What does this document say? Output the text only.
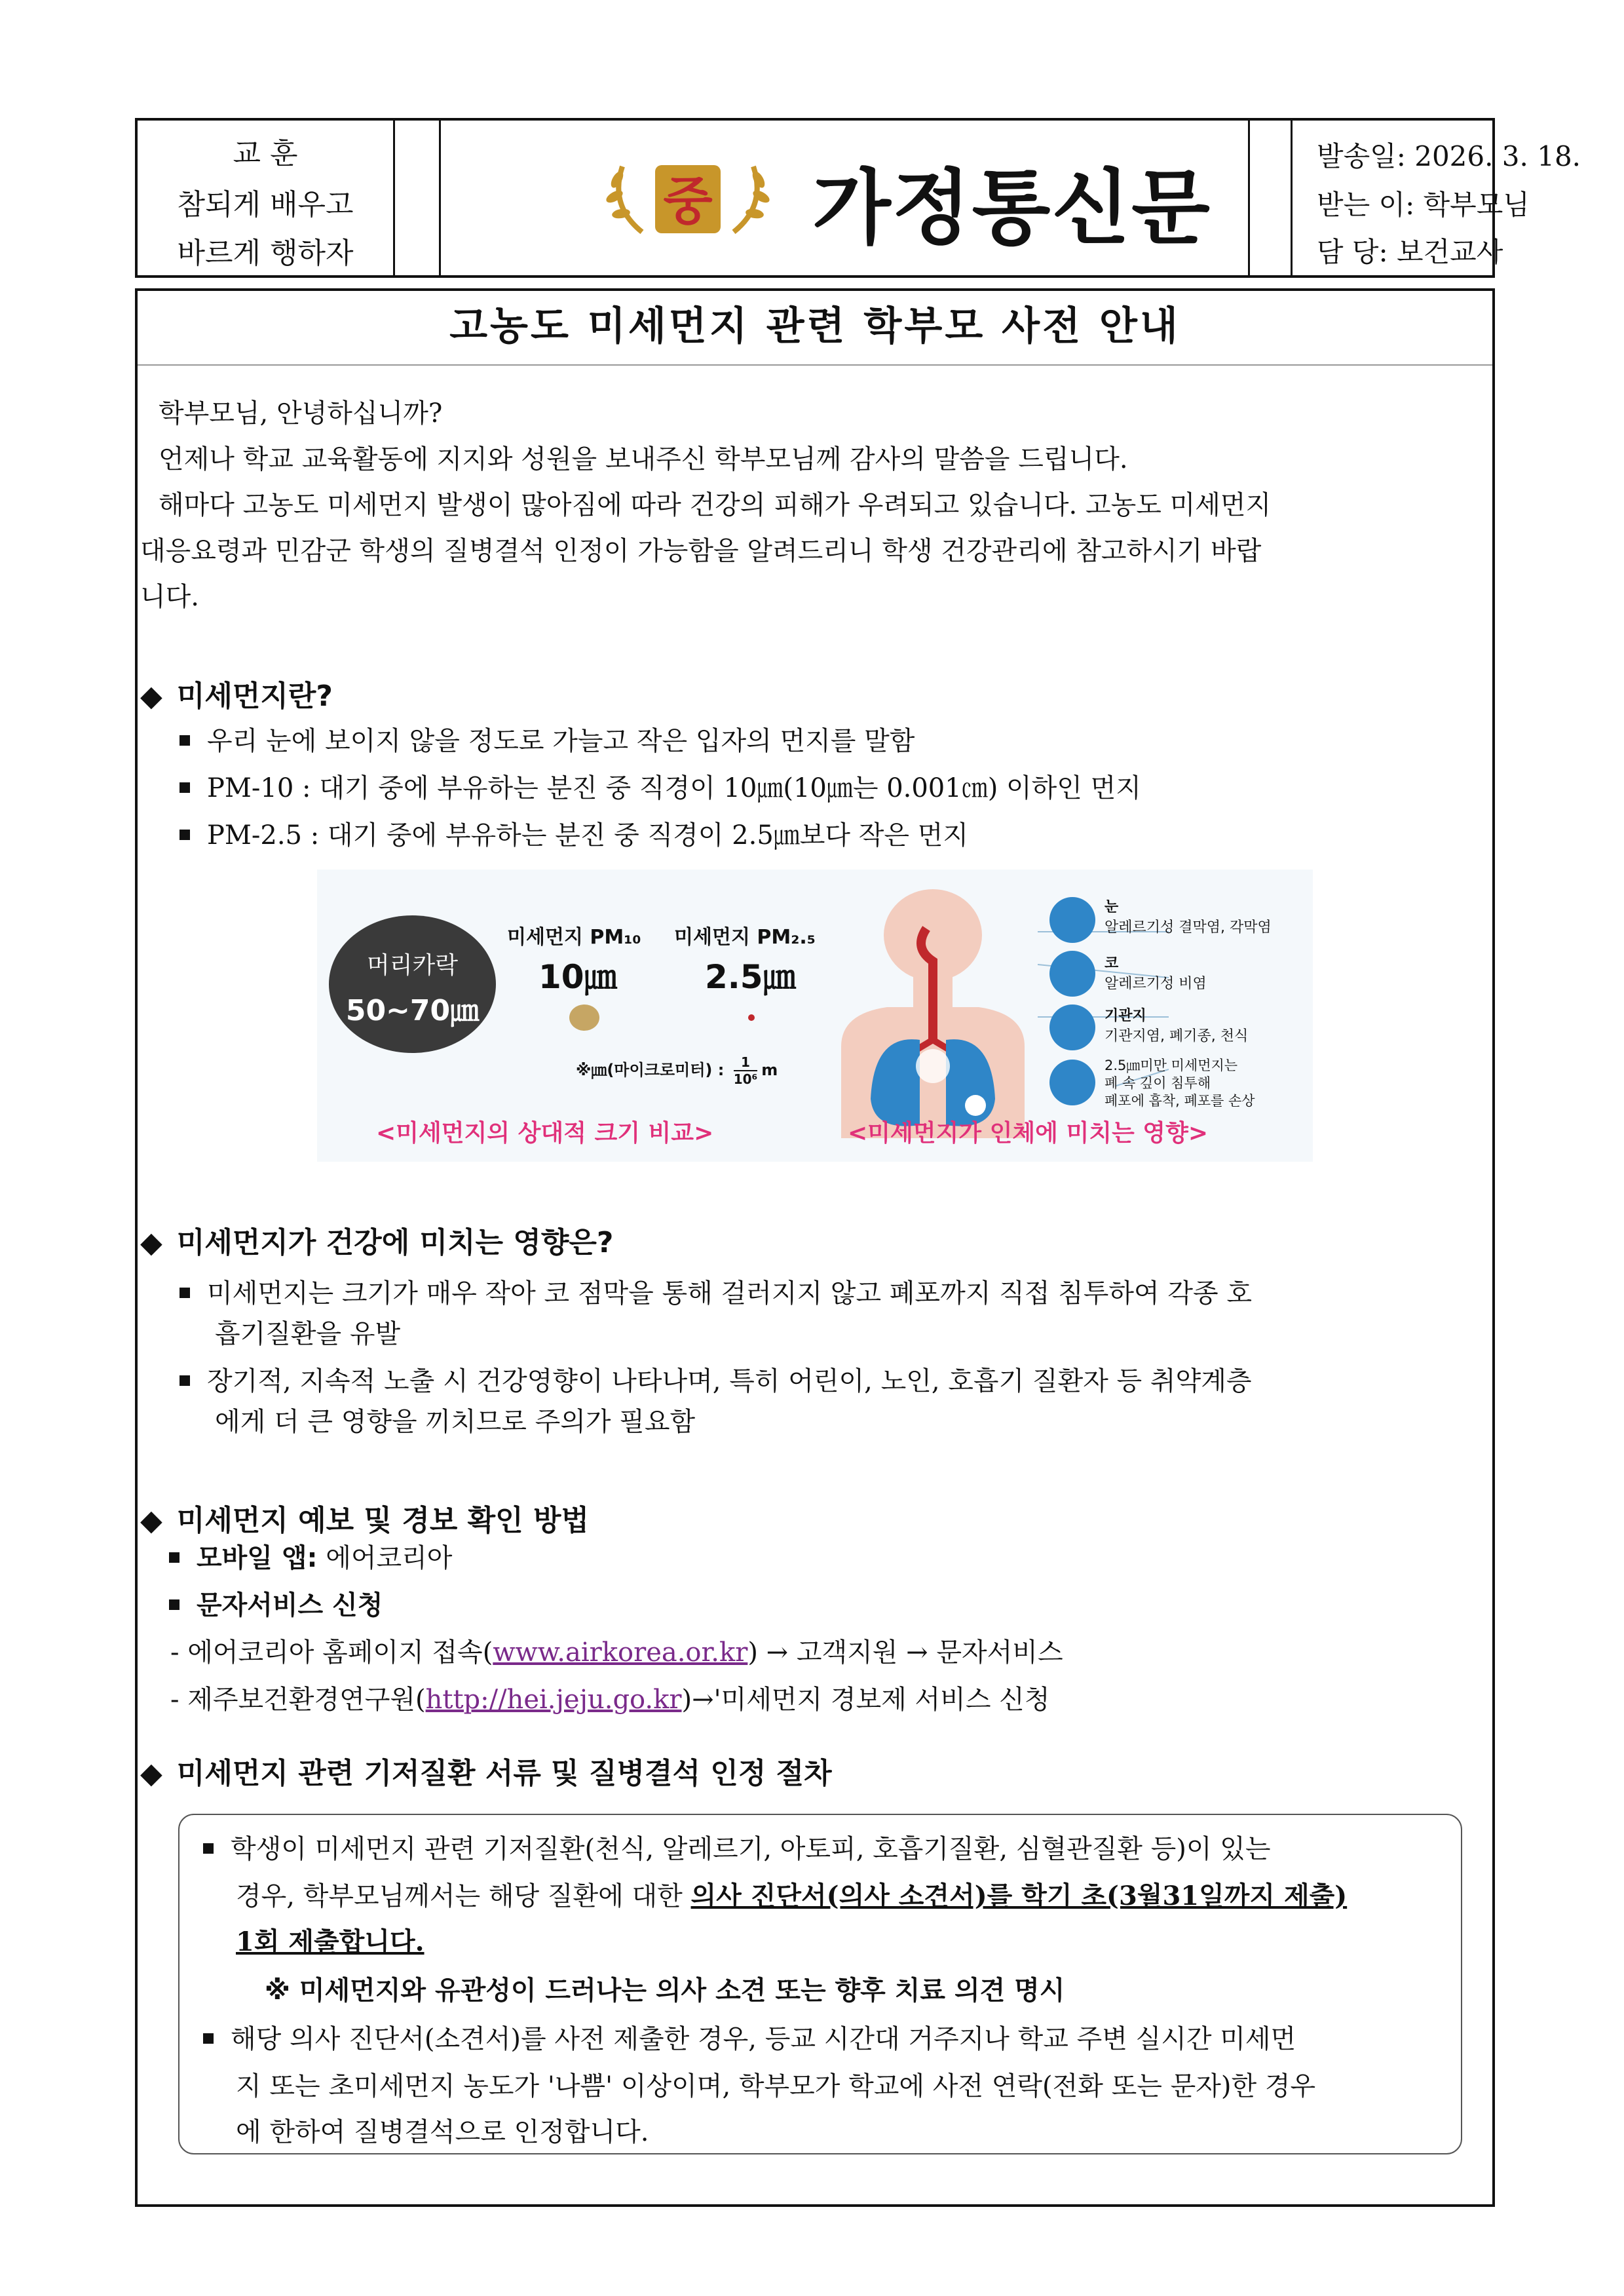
교 훈
참되게 배우고
바르게 행하자
중 가정통신문
발송일: 2026. 3. 18.
받는 이: 학부모님
담 당: 보건교사
고농도 미세먼지 관련 학부모 사전 안내
학부모님, 안녕하십니까?
언제나 학교 교육활동에 지지와 성원을 보내주신 학부모님께 감사의 말씀을 드립니다.
해마다 고농도 미세먼지 발생이 많아짐에 따라 건강의 피해가 우려되고 있습니다. 고농도 미세먼지
대응요령과 민감군 학생의 질병결석 인정이 가능함을 알려드리니 학생 건강관리에 참고하시기 바랍
니다.
◆ 미세먼지란?
우리 눈에 보이지 않을 정도로 가늘고 작은 입자의 먼지를 말함
PM-10 : 대기 중에 부유하는 분진 중 직경이 10㎛(10㎛는 0.001㎝) 이하인 먼지
PM-2.5 : 대기 중에 부유하는 분진 중 직경이 2.5㎛보다 작은 먼지
◆ 미세먼지가 건강에 미치는 영향은?
미세먼지는 크기가 매우 작아 코 점막을 통해 걸러지지 않고 폐포까지 직접 침투하여 각종 호
흡기질환을 유발
장기적, 지속적 노출 시 건강영향이 나타나며, 특히 어린이, 노인, 호흡기 질환자 등 취약계층
에게 더 큰 영향을 끼치므로 주의가 필요함
◆ 미세먼지 예보 및 경보 확인 방법
모바일 앱: 에어코리아
문자서비스 신청
- 에어코리아 홈페이지 접속(www.airkorea.or.kr) → 고객지원 → 문자서비스
- 제주보건환경연구원(http://hei.jeju.go.kr)→'미세먼지 경보제 서비스 신청
◆ 미세먼지 관련 기저질환 서류 및 질병결석 인정 절차
학생이 미세먼지 관련 기저질환(천식, 알레르기, 아토피, 호흡기질환, 심혈관질환 등)이 있는
경우, 학부모님께서는 해당 질환에 대한 의사 진단서(의사 소견서)를 학기 초(3월31일까지 제출)
1회 제출합니다.
※ 미세먼지와 유관성이 드러나는 의사 소견 또는 향후 치료 의견 명시
해당 의사 진단서(소견서)를 사전 제출한 경우, 등교 시간대 거주지나 학교 주변 실시간 미세먼
지 또는 초미세먼지 농도가 '나쁨' 이상이며, 학부모가 학교에 사전 연락(전화 또는 문자)한 경우
에 한하여 질병결석으로 인정합니다.
머리카락
50~70㎛
미세먼지 PM₁₀ 미세먼지 PM₂.₅
10㎛	2.5㎛
※㎛(마이크로미터) : $\frac{1}{\text{10⁶}}$ m
눈
알레르기성 결막염, 각막염
코
알레르기성 비염
기관지
기관지염, 폐기종, 천식
2.5㎛미만 미세먼지는
폐 속 깊이 침투해
폐포에 흡착, 폐포를 손상
<미세먼지의 상대적 크기 비교>	<미세먼지가 인체에 미치는 영향>
